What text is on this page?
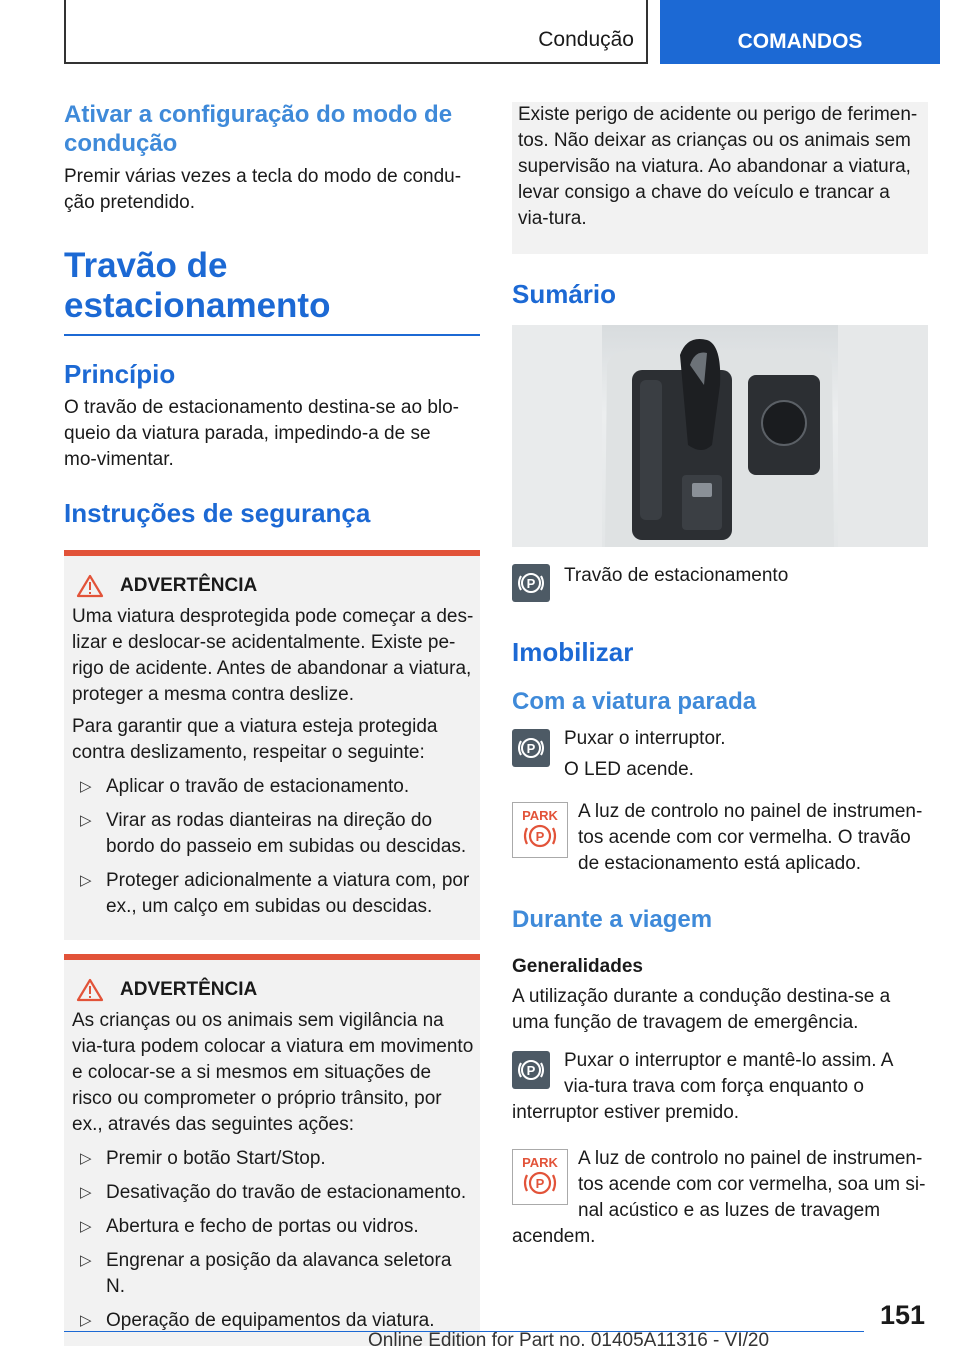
Condução	COMANDOS
Ativar a configuração do modo de condução

Premir várias vezes a tecla do modo de condu-ção pretendido.

Travão de estacionamento
Princípio

O travão de estacionamento destina-se ao blo-queio da viatura parada, impedindo-a de se mo-vimentar.

Instruções de segurança
ADVERTÊNCIA

Uma viatura desprotegida pode começar a des-lizar e deslocar-se acidentalmente. Existe pe-rigo de acidente. Antes de abandonar a viatura, proteger a mesma contra deslize.

Para garantir que a viatura esteja protegida contra deslizamento, respeitar o seguinte:

▷ Aplicar o travão de estacionamento.
▷ Virar as rodas dianteiras na direção do bordo do passeio em subidas ou descidas.
▷ Proteger adicionalmente a viatura com, por ex., um calço em subidas ou descidas.
ADVERTÊNCIA

As crianças ou os animais sem vigilância na via-tura podem colocar a viatura em movimento e colocar-se a si mesmos em situações de risco ou comprometer o próprio trânsito, por ex., através das seguintes ações:

▷ Premir o botão Start/Stop.
▷ Desativação do travão de estacionamento.
▷ Abertura e fecho de portas ou vidros.
▷ Engrenar a posição da alavanca seletora N.
▷ Operação de equipamentos da viatura.

Existe perigo de acidente ou perigo de ferimen-tos. Não deixar as crianças ou os animais sem supervisão na viatura. Ao abandonar a viatura, levar consigo a chave do veículo e trancar a via-tura.

Sumário
P	Travão de estacionamento

Imobilizar
Com a viatura parada
P	Puxar o interruptor.

O LED acende.

PARK
P

A luz de controlo no painel de instrumen-tos acende com cor vermelha. O travão de estacionamento está aplicado.

Durante a viagem

Generalidades

A utilização durante a condução destina-se a uma função de travagem de emergência.

P	Puxar o interruptor e mantê-lo assim. A via-tura trava com força enquanto o interruptor estiver premido.

PARK
P

A luz de controlo no painel de instrumen-tos acende com cor vermelha, soa um si-nal acústico e as luzes de travagem acendem.

151
Online Edition for Part no. 01405A11316 - VI/20
